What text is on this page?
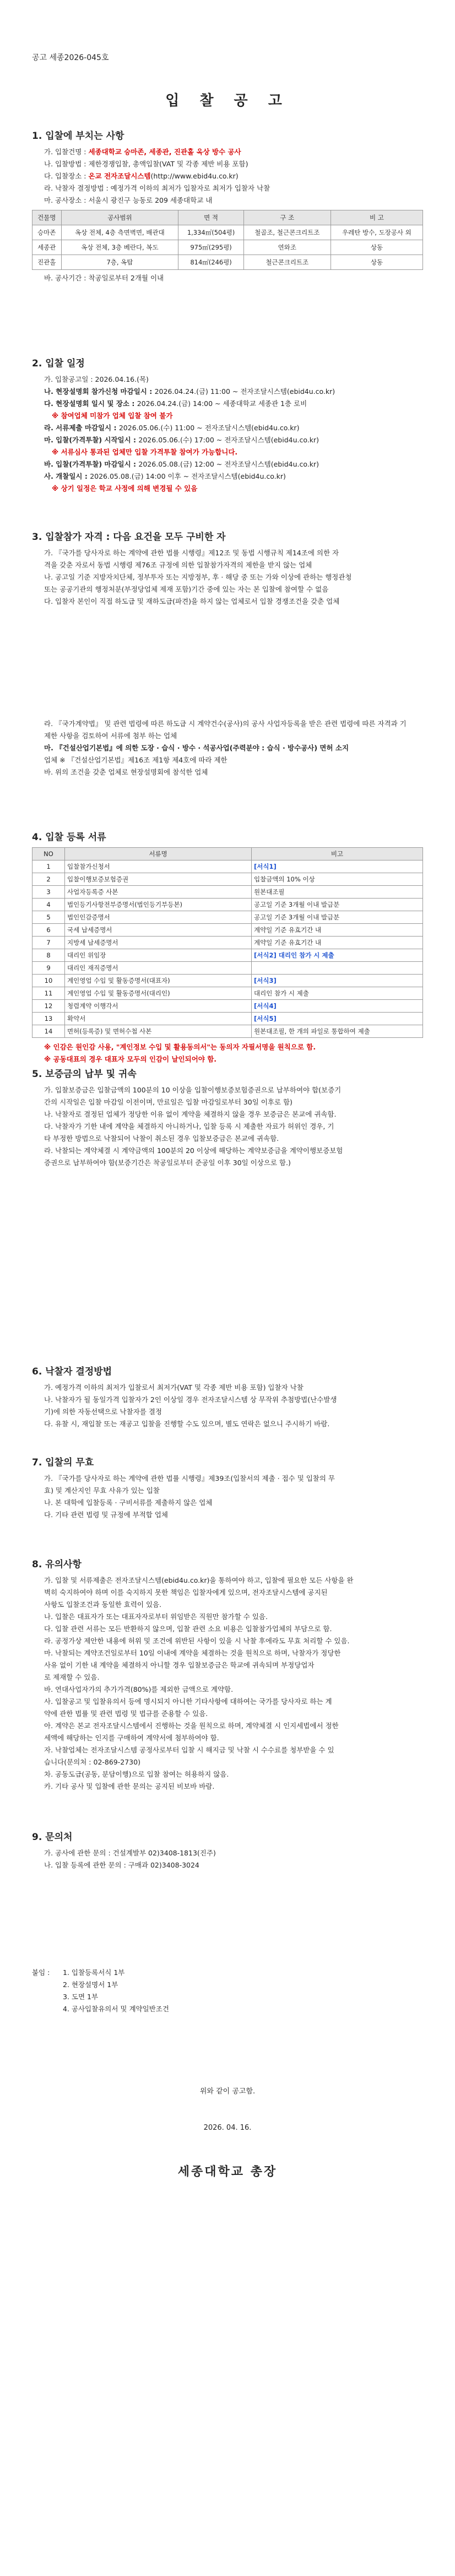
공고 세종2026-045호
입 찰 공 고
1. 입찰에 부치는 사항
가. 입찰건명 : 세종대학교 승마존, 세종관, 진관홀 옥상 방수 공사
나. 입찰방법 : 제한경쟁입찰, 총액입찰(VAT 및 각종 제반 비용 포함)
다. 입찰장소 : 온교 전자조달시스템(http://www.ebid4u.co.kr)
라. 낙찰자 결정방법 : 예정가격 이하의 최저가 입찰자로 최저가 입찰자 낙찰
마. 공사장소 : 서울시 광진구 능동로 209 세종대학교 내
건물명	공사범위	면 적	구 조	비 고
승마존	옥상 전체, 4층 측면벽면, 배관대	1,334㎡(504평)	철골조, 철근콘크리트조	우레탄 방수, 도장공사 외
세종관	옥상 전체, 3층 베란다, 복도	975㎡(295평)	연와조	상동
진관홀	7층, 옥탑	814㎡(246평)	철근콘크리트조	상동
바. 공사기간 : 착공일로부터 2개월 이내
2. 입찰 일정
가. 입찰공고일 : 2026.04.16.(목)
나. 현장설명회 참가신청 마감일시 : 2026.04.24.(금) 11:00 ~ 전자조달시스템(ebid4u.co.kr)
다. 현장설명회 일시 및 장소 : 2026.04.24.(금) 14:00 ~ 세종대학교 세종관 1층 로비
※ 참여업체 미참가 업체 입찰 참여 불가
라. 서류제출 마감일시 : 2026.05.06.(수) 11:00 ~ 전자조달시스템(ebid4u.co.kr)
마. 입찰(가격투찰) 시작일시 : 2026.05.06.(수) 17:00 ~ 전자조달시스템(ebid4u.co.kr)
※ 서류심사 통과된 업체만 입찰 가격투찰 참여가 가능합니다.
바. 입찰(가격투찰) 마감일시 : 2026.05.08.(금) 12:00 ~ 전자조달시스템(ebid4u.co.kr)
사. 개찰일시 : 2026.05.08.(금) 14:00 이후 ~ 전자조달시스템(ebid4u.co.kr)
※ 상기 일정은 학교 사정에 의해 변경될 수 있음
3. 입찰참가 자격 : 다음 요건을 모두 구비한 자
가. 『국가를 당사자로 하는 계약에 관한 법률 시행령』제12조 및 동법 시행규칙 제14조에 의한 자
격을 갖춘 자로서 동법 시행령 제76조 규정에 의한 입찰참가자격의 제한을 받지 않는 업체
나. 공고일 기준 지방자치단체, 정부투자 또는 지방정부, 후 · 해당 중 또는 가와 이상에 관하는 행정관청
또는 공공기관의 행정처분(부정당업체 제재 포함)기간 중에 있는 자는 본 입찰에 참여할 수 없음
다. 입찰자 본인이 직접 하도급 및 재하도급(파견)을 하지 않는 업체로서 입찰 경쟁조건을 갖춘 업체
라. 『국가계약법』 및 관련 법령에 따른 하도급 시 계약건수(공사)의 공사 사업자등록을 받은 관련 법령에 따른 자격과 기
제한 사항을 검토하여 서류에 첨부 하는 업체
마. 『건설산업기본법』에 의한 도장 · 습식 · 방수 · 석공사업(주력분야 : 습식 · 방수공사) 면허 소지
업체 ※ 『건설산업기본법』제16조 제1항 제4호에 따라 제한
바. 위의 조건을 갖춘 업체로 현장설명회에 참석한 업체
4. 입찰 등록 서류
NO	서류명	비고
1	입찰참가신청서	[서식1]
2	입찰이행보증보험증권	입찰금액의 10% 이상
3	사업자등록증 사본	원본대조필
4	법인등기사항전부증명서(법인등기부등본)	공고일 기준 3개월 이내 발급분
5	법인인감증명서	공고일 기준 3개월 이내 발급분
6	국세 납세증명서	계약일 기준 유효기간 내
7	지방세 납세증명서	계약일 기준 유효기간 내
8	대리인 위임장	[서식2] 대리인 참가 시 제출
9	대리인 재직증명서	
10	계인영업 수입 및 활동증명서(대표자)	[서식3]
11	계인영업 수입 및 활동증명서(대리인)	대리인 참가 시 제출
12	청렴계약 이행각서	[서식4]
13	확약서	[서식5]
14	면허(등록증) 및 면허수첩 사본	원본대조필, 한 개의 파일로 통합하여 제출
※ 인감은 원인감 사용, "계인정보 수입 및 활용동의서"는 동의자 자필서명을 원칙으로 함.
※ 공동대표의 경우 대표자 모두의 인감이 날인되어야 함.
5. 보증금의 납부 및 귀속
가. 입찰보증금은 입찰금액의 100분의 10 이상을 입찰이행보증보험증권으로 납부하여야 합(보증기
간의 시작일은 입찰 마감일 이전이며, 만료일은 입찰 마감일로부터 30일 이후로 함)
나. 낙찰자로 결정된 업체가 정당한 이유 없이 계약을 체결하지 않을 경우 보증금은 본교에 귀속함.
다. 낙찰자가 기한 내에 계약을 체결하지 아니하거나, 입찰 등록 시 제출한 자료가 허위인 경우, 기
타 부정한 방법으로 낙찰되어 낙찰이 취소된 경우 입찰보증금은 본교에 귀속함.
라. 낙찰되는 계약체결 시 계약금액의 100분의 20 이상에 해당하는 계약보증금을 계약이행보증보험
증권으로 납부하여야 함(보증기간은 착공일로부터 준공일 이후 30일 이상으로 함.)
6. 낙찰자 결정방법
가. 예정가격 이하의 최저가 입찰로서 최저가(VAT 및 각종 제반 비용 포함) 입찰자 낙찰
나. 낙찰자가 될 동일가격 입찰자가 2인 이상일 경우 전자조달시스템 상 무작위 추첨방법(난수발생
기)에 의한 자동선택으로 낙찰자를 결정
다. 유찰 시, 재입찰 또는 재공고 입찰을 진행할 수도 있으며, 별도 연락은 없으니 주시하기 바람.
7. 입찰의 무효
가. 『국가를 당사자로 하는 계약에 관한 법률 시행령』제39조(입찰서의 제출 · 접수 및 입찰의 무
효) 및 계산지인 무효 사유가 있는 입찰
나. 본 대학에 입찰등록 · 구비서류를 제출하지 않은 업체
다. 기타 관련 법령 및 규정에 부적합 업체
8. 유의사항
가. 입찰 및 서류제출은 전자조달시스템(ebid4u.co.kr)을 통하여야 하고, 입찰에 필요한 모든 사항을 완
벽히 숙지하여야 하며 이를 숙지하지 못한 책임은 입찰자에게 있으며, 전자조달시스템에 공지된
사항도 입찰조건과 동일한 효력이 있음.
나. 입찰은 대표자가 또는 대표자자로부터 위임받은 직원만 참가할 수 있음.
다. 입찰 관련 서류는 모든 반환하지 않으며, 입찰 관련 소요 비용은 입찰참가업체의 부담으로 함.
라. 공정가상 제안한 내용에 허위 및 조건에 위반된 사항이 있을 시 낙찰 후에라도 무효 처리할 수 있음.
마. 낙찰되는 계약조건일로부터 10일 이내에 계약을 체결하는 것을 원칙으로 하며, 낙찰자가 정당한
사유 없이 기한 내 계약을 체결하지 아니할 경우 입찰보증금은 학교에 귀속되며 부정당업자
로 제재할 수 있음.
바. 연대사업자가의 추가가격(80%)를 제외한 금액으로 계약함.
사. 입찰공고 및 입찰유의서 등에 명시되지 아니한 기타사항에 대하여는 국가를 당사자로 하는 계
약에 관한 법률 및 관련 법령 및 법규를 준용할 수 있음.
아. 계약은 본교 전자조달시스템에서 진행하는 것을 원칙으로 하며, 계약체결 시 인지세법에서 정한
세액에 해당하는 인지를 구매하여 계약서에 첨부하여야 함.
자. 낙찰업체는 전자조달시스템 공정사로부터 입찰 시 해지금 및 낙찰 시 수수료를 청부받을 수 있
습니다(문의처 : 02-869-2730)
차. 공동도급(공동, 분담이행)으로 입찰 참여는 허용하지 않음.
카. 기타 공사 및 입찰에 관한 문의는 공지된 비보바 바람.
9. 문의처
가. 공사에 관한 문의 : 건설계발부 02)3408-1813(진주)
나. 입찰 등록에 관한 문의 : 구매과 02)3408-3024
붙임 : 1. 입찰등록서식 1부
2. 현장설명서 1부
3. 도면 1부
4. 공사입찰유의서 및 계약일반조건
위와 같이 공고함.
2026. 04. 16.
세종대학교 총장
